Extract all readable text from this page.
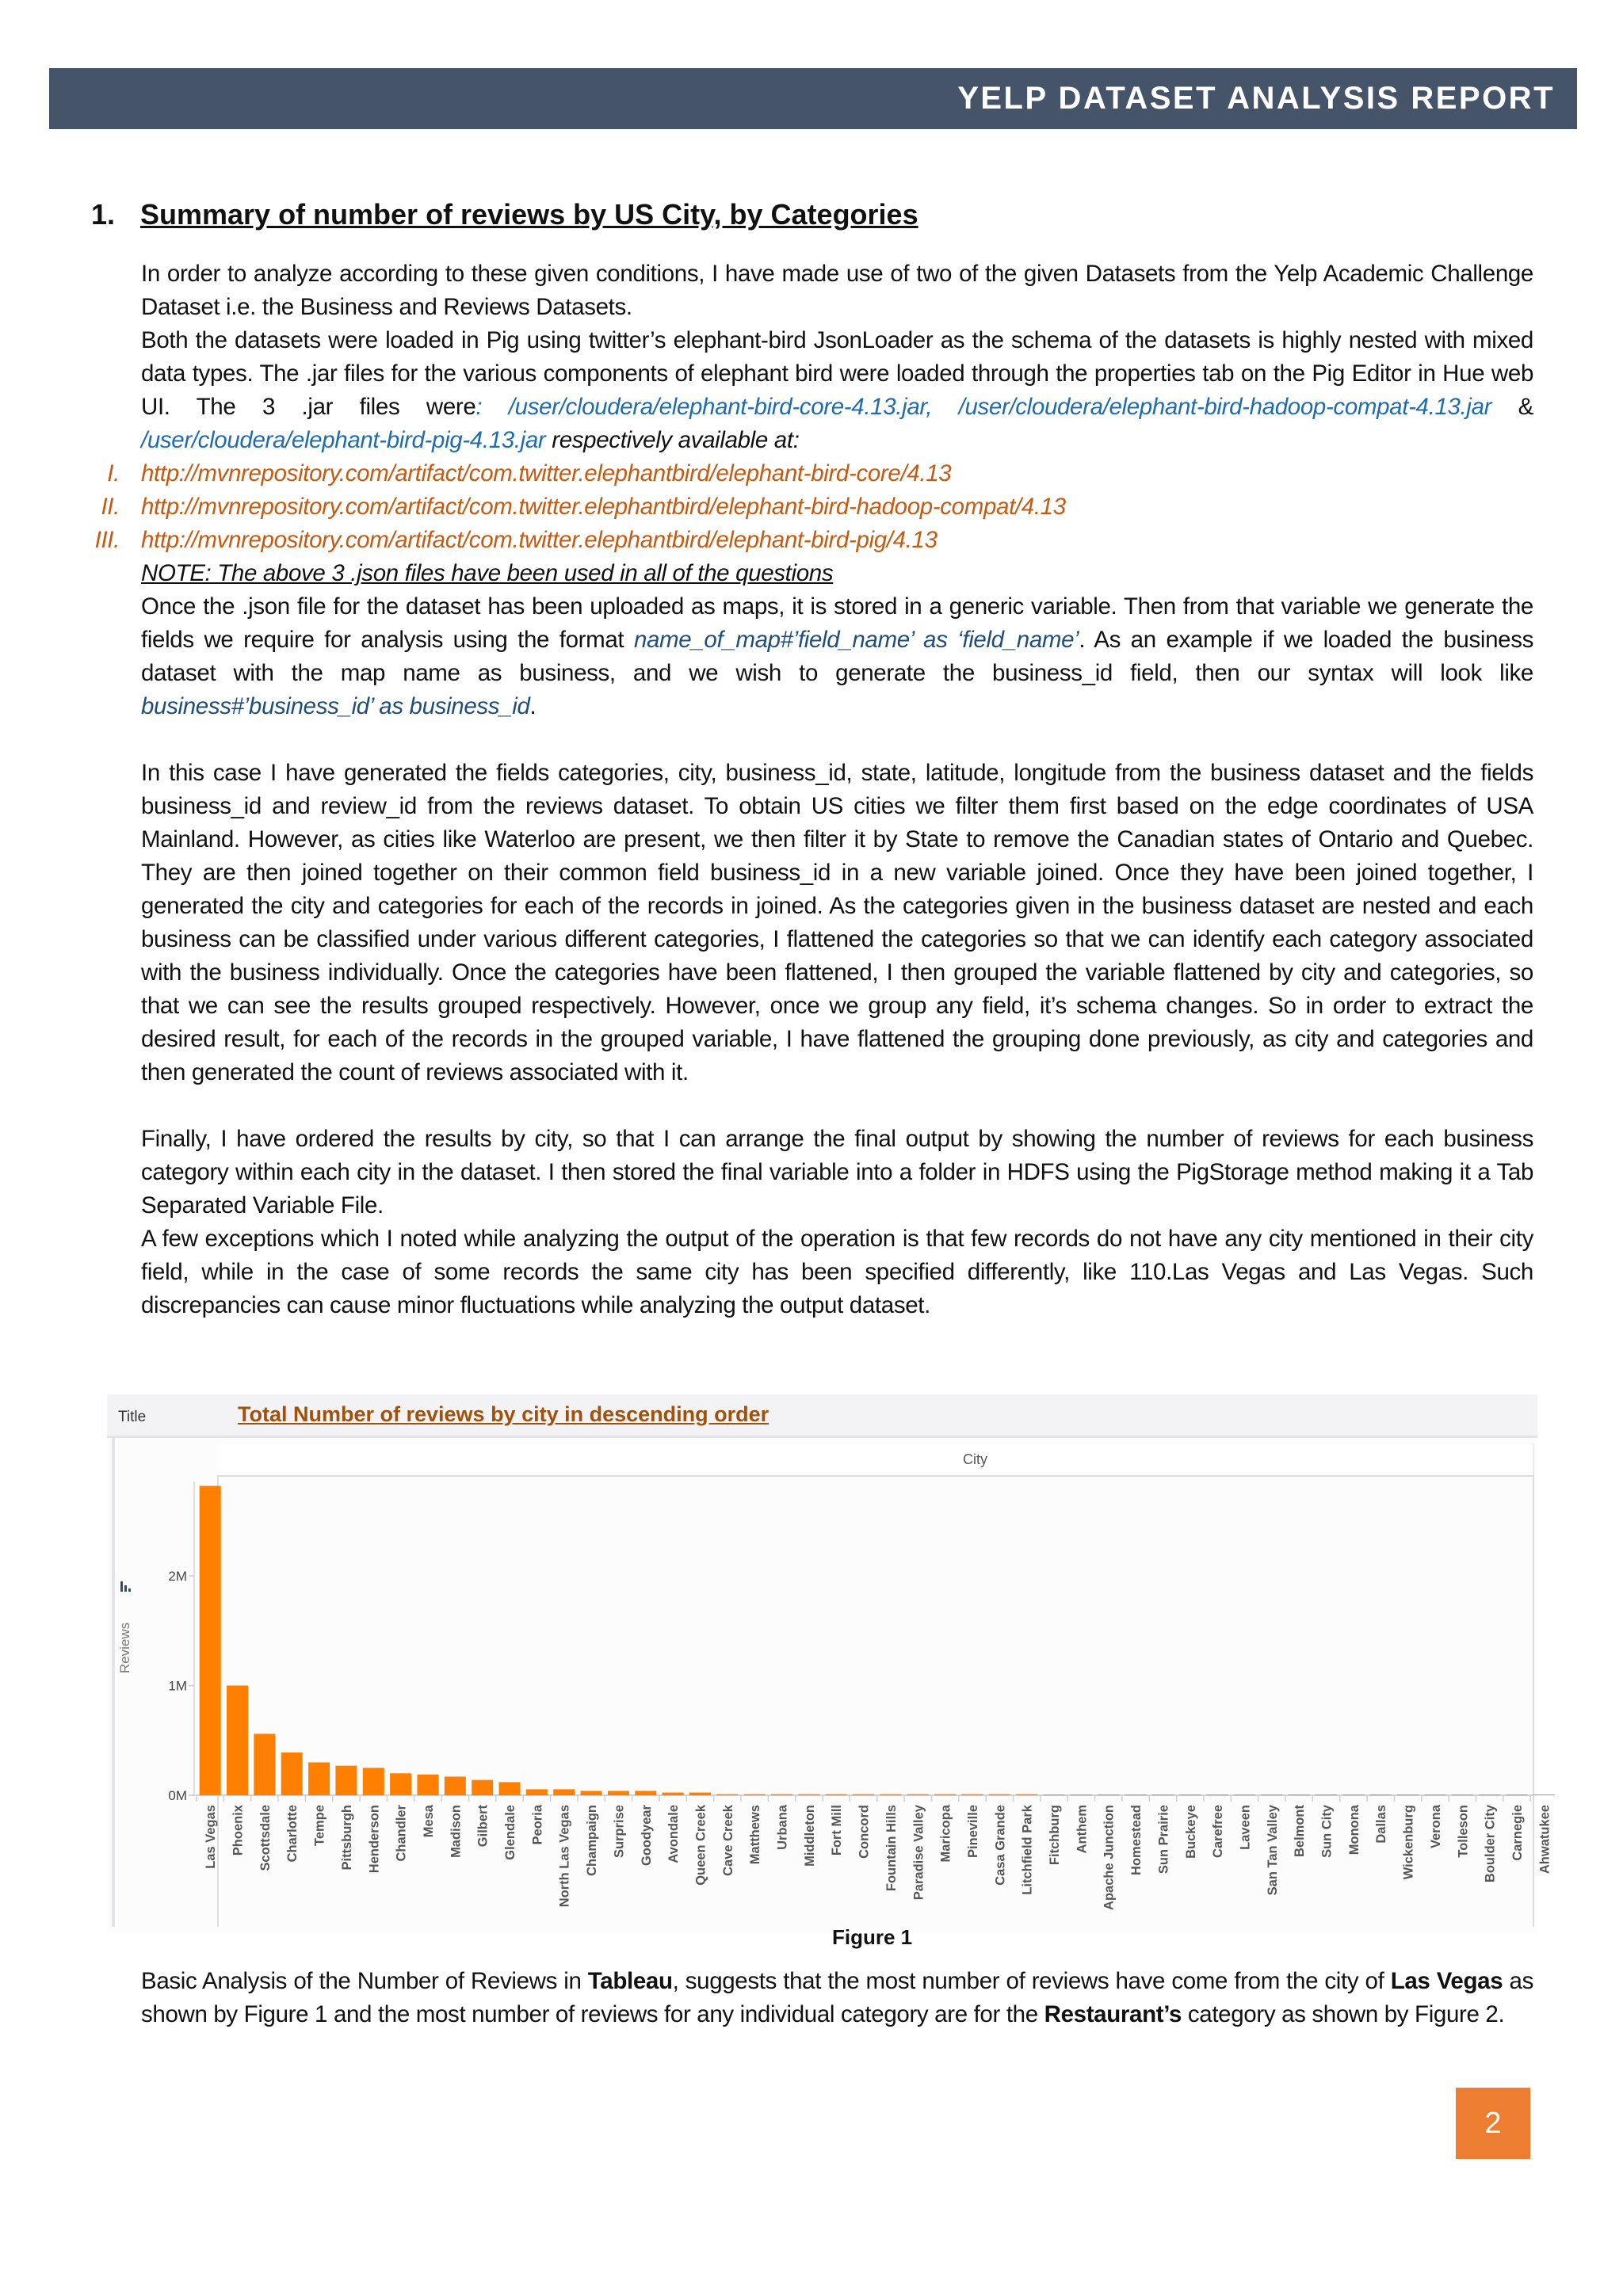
YELP DATASET ANALYSIS REPORT
1. Summary of number of reviews by US City, by Categories

In order to analyze according to these given conditions, I have made use of two of the given Datasets from the Yelp Academic Challenge Dataset i.e. the Business and Reviews Datasets.

Both the datasets were loaded in Pig using twitter’s elephant-bird JsonLoader as the schema of the datasets is highly nested with mixed data types. The .jar files for the various components of elephant bird were loaded through the properties tab on the Pig Editor in Hue web UI. The 3 .jar files were: /user/cloudera/elephant-bird-core-4.13.jar, /user/cloudera/elephant-bird-hadoop-compat-4.13.jar & /user/cloudera/elephant-bird-pig-4.13.jar respectively available at:

I. http://mvnrepository.com/artifact/com.twitter.elephantbird/elephant-bird-core/4.13
II. http://mvnrepository.com/artifact/com.twitter.elephantbird/elephant-bird-hadoop-compat/4.13
III. http://mvnrepository.com/artifact/com.twitter.elephantbird/elephant-bird-pig/4.13

NOTE: The above 3 .json files have been used in all of the questions

Once the .json file for the dataset has been uploaded as maps, it is stored in a generic variable. Then from that variable we generate the fields we require for analysis using the format name_of_map#’field_name’ as ‘field_name’. As an example if we loaded the business dataset with the map name as business, and we wish to generate the business_id field, then our syntax will look like business#’business_id’ as business_id.

In this case I have generated the fields categories, city, business_id, state, latitude, longitude from the business dataset and the fields business_id and review_id from the reviews dataset. To obtain US cities we filter them first based on the edge coordinates of USA Mainland. However, as cities like Waterloo are present, we then filter it by State to remove the Canadian states of Ontario and Quebec. They are then joined together on their common field business_id in a new variable joined. Once they have been joined together, I generated the city and categories for each of the records in joined. As the categories given in the business dataset are nested and each business can be classified under various different categories, I flattened the categories so that we can identify each category associated with the business individually. Once the categories have been flattened, I then grouped the variable flattened by city and categories, so that we can see the results grouped respectively. However, once we group any field, it’s schema changes. So in order to extract the desired result, for each of the records in the grouped variable, I have flattened the grouping done previously, as city and categories and then generated the count of reviews associated with it.

Finally, I have ordered the results by city, so that I can arrange the final output by showing the number of reviews for each business category within each city in the dataset. I then stored the final variable into a folder in HDFS using the PigStorage method making it a Tab Separated Variable File.

A few exceptions which I noted while analyzing the output of the operation is that few records do not have any city mentioned in their city field, while in the case of some records the same city has been specified differently, like 110.Las Vegas and Las Vegas. Such discrepancies can cause minor fluctuations while analyzing the output dataset.

Title	Total Number of reviews by city in descending order
City
0M
1M
2M
Las Vegas Phoenix Scottsdale Charlotte Tempe Pittsburgh Henderson Chandler Mesa Madison Gilbert Glendale Peoria North Las Vegas Champaign Surprise Goodyear Avondale Queen Creek Cave Creek Matthews Urbana Middleton Fort Mill Concord Fountain Hills Paradise Valley Maricopa Pineville Casa Grande Litchfield Park Fitchburg Anthem Apache Junction Homestead Sun Prairie Buckeye Carefree Laveen San Tan Valley Belmont Sun City Monona Dallas Wickenburg Verona Tolleson Boulder City Carnegie Ahwatukee
Reviews
Figure 1

Basic Analysis of the Number of Reviews in Tableau, suggests that the most number of reviews have come from the city of Las Vegas as shown by Figure 1 and the most number of reviews for any individual category are for the Restaurant’s category as shown by Figure 2.

2
